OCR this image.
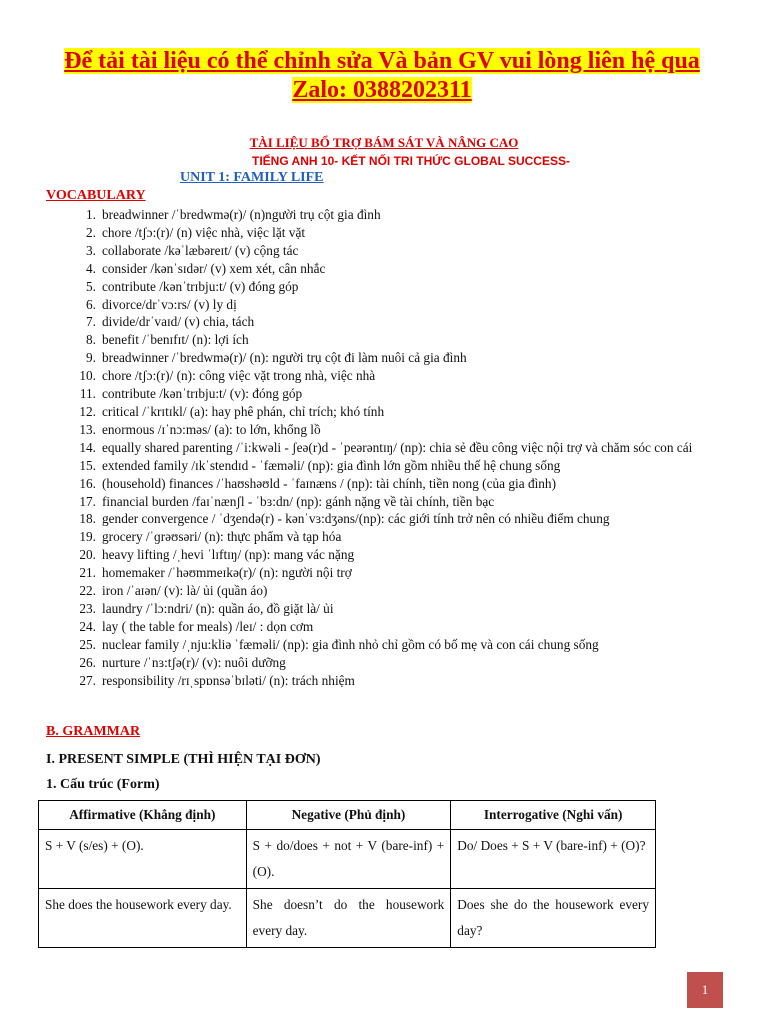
Để tải tài liệu có thể chỉnh sửa Và bản GV vui lòng liên hệ qua
Zalo: 0388202311
TÀI LIỆU BỔ TRỢ BÁM SÁT VÀ NÂNG CAO
TIẾNG ANH 10- KẾT NỐI TRI THỨC GLOBAL SUCCESS-
UNIT 1: FAMILY LIFE
VOCABULARY
1. breadwinner /ˈbredwmə(r)/ (n)người trụ cột gia đình
2. chore /tʃɔ:(r)/ (n) việc nhà, việc lặt vặt
3. collaborate /kəˈlæbəreɪt/ (v) cộng tác
4. consider /kənˈsɪdər/ (v) xem xét, cân nhắc
5. contribute /kənˈtrɪbju:t/ (v) đóng góp
6. divorce/drˈvɔ:rs/ (v) ly dị
7. divide/drˈvaɪd/ (v) chia, tách
8. benefit /ˈbenɪfɪt/ (n): lợi ích
9. breadwinner /ˈbredwmə(r)/ (n): người trụ cột đi làm nuôi cả gia đình
10. chore /tʃɔ:(r)/ (n): công việc vặt trong nhà, việc nhà
11. contribute /kənˈtrɪbju:t/ (v): đóng góp
12. critical /ˈkrɪtɪkl/ (a): hay phê phán, chỉ trích; khó tính
13. enormous /ɪˈnɔ:məs/ (a): to lớn, khổng lồ
14. equally shared parenting /ˈi:kwəli - ʃeə(r)d - ˈpeərəntɪŋ/ (np): chia sẻ đều công việc nội trợ và chăm sóc con cái
15. extended family /ɪkˈstendɪd - ˈfæməli/ (np): gia đình lớn gồm nhiều thế hệ chung sống
16. (household) finances /ˈhaʊshəʊld - ˈfaɪnæns / (np): tài chính, tiền nong (của gia đình)
17. financial burden /faɪˈnænʃl - ˈbɜ:dn/ (np): gánh nặng về tài chính, tiền bạc
18. gender convergence / ˈdʒendə(r) - kənˈvɜ:dʒəns/(np): các giới tính trở nên có nhiều điểm chung
19. grocery /ˈɡrəʊsəri/ (n): thực phẩm và tạp hóa
20. heavy lifting /ˌhevi ˈlɪftɪŋ/ (np): mang vác nặng
21. homemaker /ˈhəʊmmeɪkə(r)/ (n): người nội trợ
22. iron /ˈaɪən/ (v): là/ ủi (quần áo)
23. laundry /ˈlɔ:ndri/ (n): quần áo, đồ giặt là/ ủi
24. lay ( the table for meals) /leɪ/ : dọn cơm
25. nuclear family /ˌnju:kliə ˈfæməli/ (np): gia đình nhỏ chỉ gồm có bố mẹ và con cái chung sống
26. nurture /ˈnɜ:tʃə(r)/ (v): nuôi dưỡng
27. responsibility /rɪˌspɒnsəˈbɪləti/ (n): trách nhiệm
B. GRAMMAR
I. PRESENT SIMPLE (THÌ HIỆN TẠI ĐƠN)
1. Cấu trúc (Form)
Affirmative (Khẳng định)	Negative (Phủ định)	Interrogative (Nghi vấn)
S + V (s/es) + (O).	S + do/does + not + V (bare-inf) + (O).	Do/ Does + S + V (bare-inf) + (O)?
She does the housework every day.	She doesn’t do the housework every day.	Does she do the housework every day?
1
